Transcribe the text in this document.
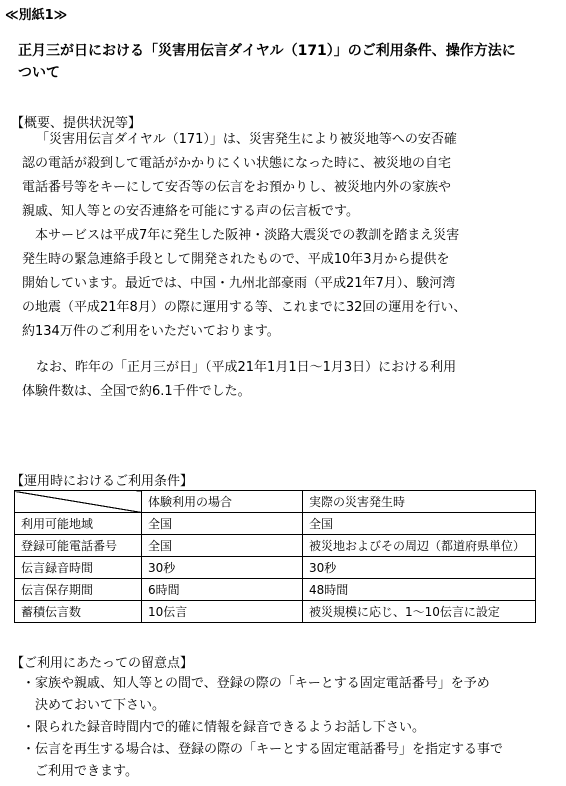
≪別紙1≫
正月三が日における「災害用伝言ダイヤル（171）」のご利用条件、操作方法に
ついて
【概要、提供状況等】
「災害用伝言ダイヤル（171）」は、災害発生により被災地等への安否確
認の電話が殺到して電話がかかりにくい状態になった時に、被災地の自宅
電話番号等をキーにして安否等の伝言をお預かりし、被災地内外の家族や
親戚、知人等との安否連絡を可能にする声の伝言板です。
本サービスは平成7年に発生した阪神・淡路大震災での教訓を踏まえ災害
発生時の緊急連絡手段として開発されたもので、平成10年3月から提供を
開始しています。最近では、中国・九州北部豪雨（平成21年7月）、駿河湾
の地震（平成21年8月）の際に運用する等、これまでに32回の運用を行い、
約134万件のご利用をいただいております。
なお、昨年の「正月三が日」（平成21年1月1日～1月3日）における利用
体験件数は、全国で約6.1千件でした。
【運用時におけるご利用条件】
	体験利用の場合	実際の災害発生時
利用可能地域	全国	全国
登録可能電話番号	全国	被災地およびその周辺（都道府県単位）
伝言録音時間	30秒	30秒
伝言保存期間	6時間	48時間
蓄積伝言数	10伝言	被災規模に応じ、1～10伝言に設定
【ご利用にあたっての留意点】
・家族や親戚、知人等との間で、登録の際の「キーとする固定電話番号」を予め
　決めておいて下さい。
・限られた録音時間内で的確に情報を録音できるようお話し下さい。
・伝言を再生する場合は、登録の際の「キーとする固定電話番号」を指定する事で
　ご利用できます。
